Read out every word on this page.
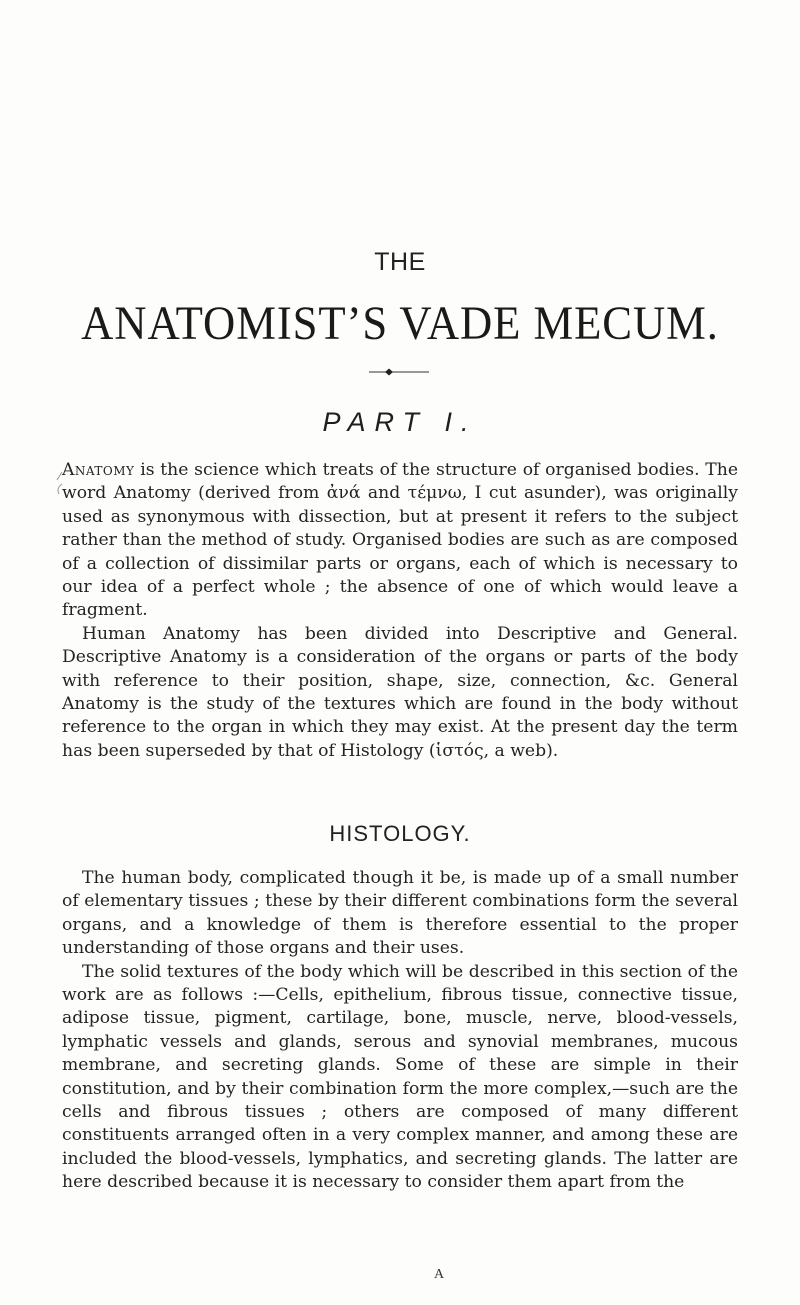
THE
ANATOMIST’S VADE MECUM.
PART I.

Anatomy is the science which treats of the structure of organised bodies. The word Anatomy (derived from ἀνά and τέμνω, I cut asunder), was originally used as synonymous with dissection, but at present it refers to the subject rather than the method of study. Organised bodies are such as are composed of a collection of dissimilar parts or organs, each of which is necessary to our idea of a perfect whole ; the absence of one of which would leave a fragment.

Human Anatomy has been divided into Descriptive and General. Descriptive Anatomy is a consideration of the organs or parts of the body with reference to their position, shape, size, connection, &c. General Anatomy is the study of the textures which are found in the body without reference to the organ in which they may exist. At the present day the term has been superseded by that of Histology (ἱστός, a web).

HISTOLOGY.

The human body, complicated though it be, is made up of a small number of elementary tissues ; these by their different combinations form the several organs, and a knowledge of them is therefore essential to the proper understanding of those organs and their uses.

The solid textures of the body which will be described in this section of the work are as follows :—Cells, epithelium, fibrous tissue, connective tissue, adipose tissue, pigment, cartilage, bone, muscle, nerve, blood-vessels, lymphatic vessels and glands, serous and synovial membranes, mucous membrane, and secreting glands. Some of these are simple in their constitution, and by their combination form the more complex,—such are the cells and fibrous tissues ; others are composed of many different constituents arranged often in a very complex manner, and among these are included the blood-vessels, lymphatics, and secreting glands. The latter are here described because it is necessary to consider them apart from the

A
